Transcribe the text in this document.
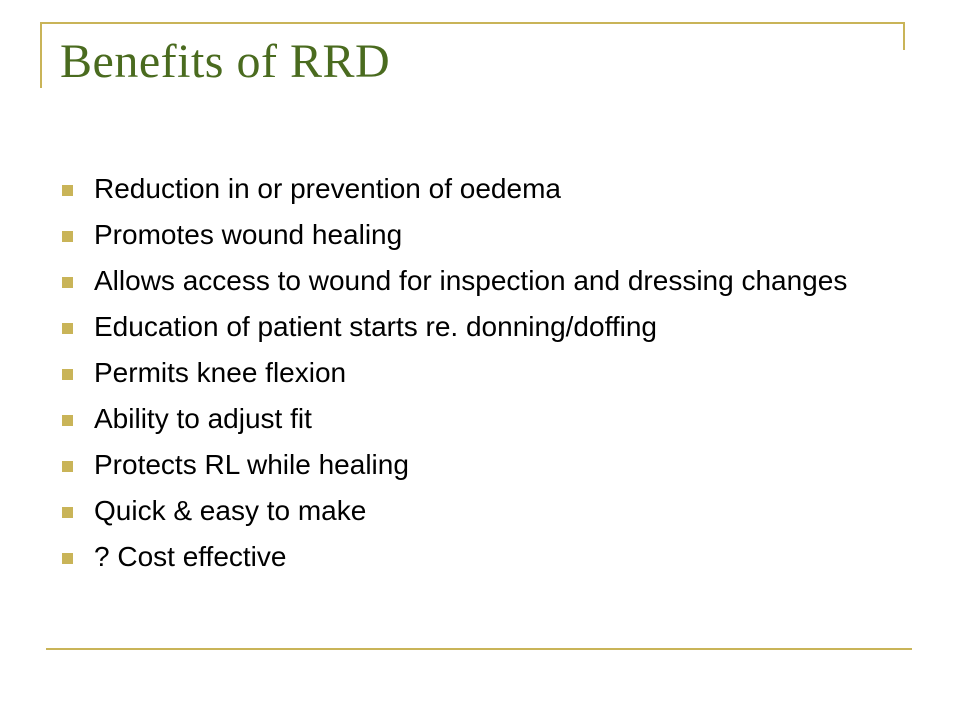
Benefits of RRD
Reduction in or prevention of oedema
Promotes wound healing
Allows access to wound for inspection and dressing changes
Education of patient starts re. donning/doffing
Permits knee flexion
Ability to adjust fit
Protects RL while healing
Quick & easy to make
? Cost effective
